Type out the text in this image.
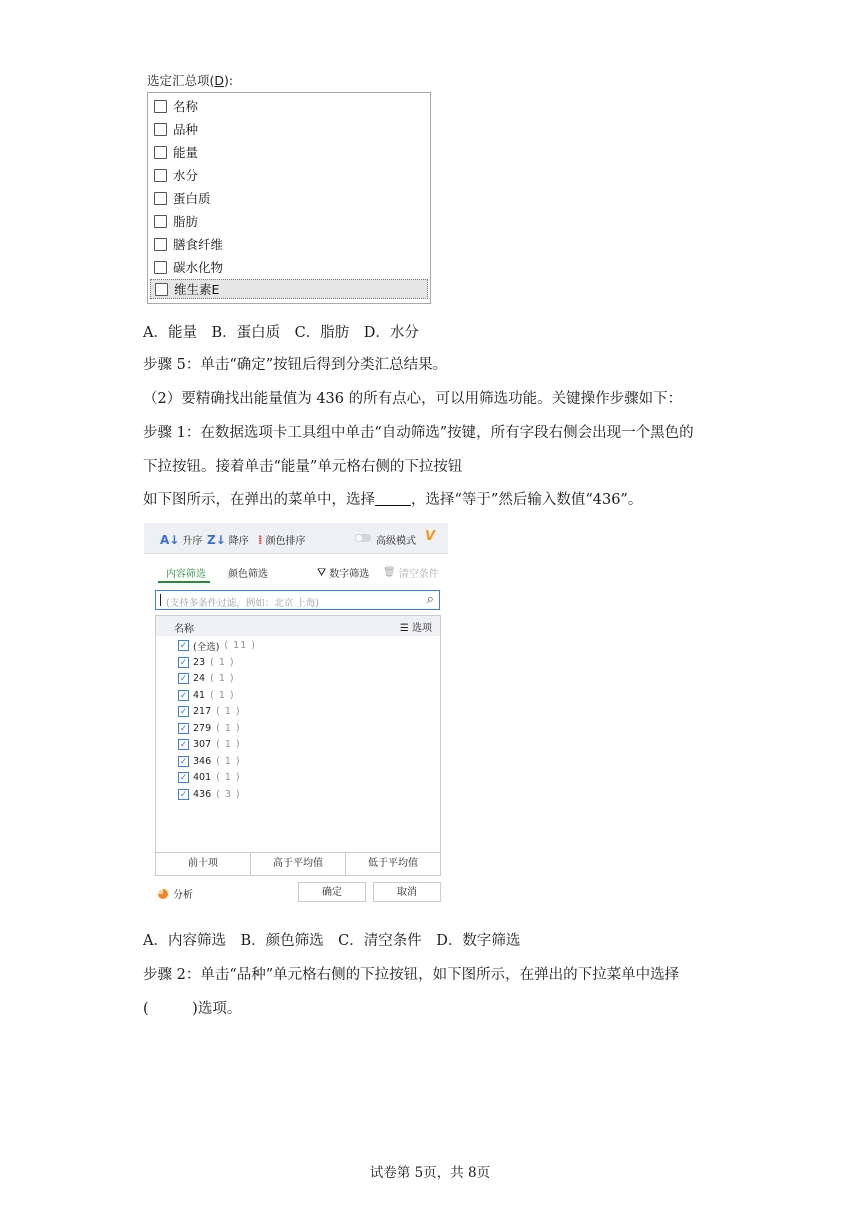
选定汇总项(D):
名称
品种
能量
水分
蛋白质
脂肪
膳食纤维
碳水化物
维生素E
A．能量　B．蛋白质　C．脂肪　D．水分
步骤 5：单击“确定”按钮后得到分类汇总结果。
（2）要精确找出能量值为 436 的所有点心，可以用筛选功能。关键操作步骤如下：
步骤 1：在数据选项卡工具组中单击“自动筛选”按键，所有字段右侧会出现一个黑色的
下拉按钮。接着单击“能量”单元格右侧的下拉按钮
如下图所示，在弹出的菜单中，选择 ，选择“等于”然后输入数值“436”。
A↓ 升序 Z↓ 降序 ⁞ 颜色排序	高级模式 V
内容筛选 颜色筛选	⛛ 数字筛选 🗑 清空条件
(支持多条件过滤，例如：北京 上海)	⌕
名称	☰ 选项
✓ (全选) ( 11 )
✓ 23 ( 1 )
✓ 24 ( 1 )
✓ 41 ( 1 )
✓ 217 ( 1 )
✓ 279 ( 1 )
✓ 307 ( 1 )
✓ 346 ( 1 )
✓ 401 ( 1 )
✓ 436 ( 3 )
前十项	高于平均值	低于平均值
分析	确定	取消
A．内容筛选　B．颜色筛选　C．清空条件　D．数字筛选
步骤 2：单击“品种”单元格右侧的下拉按钮，如下图所示，在弹出的下拉菜单中选择
(　　　)选项。
试卷第 5页，共 8页
